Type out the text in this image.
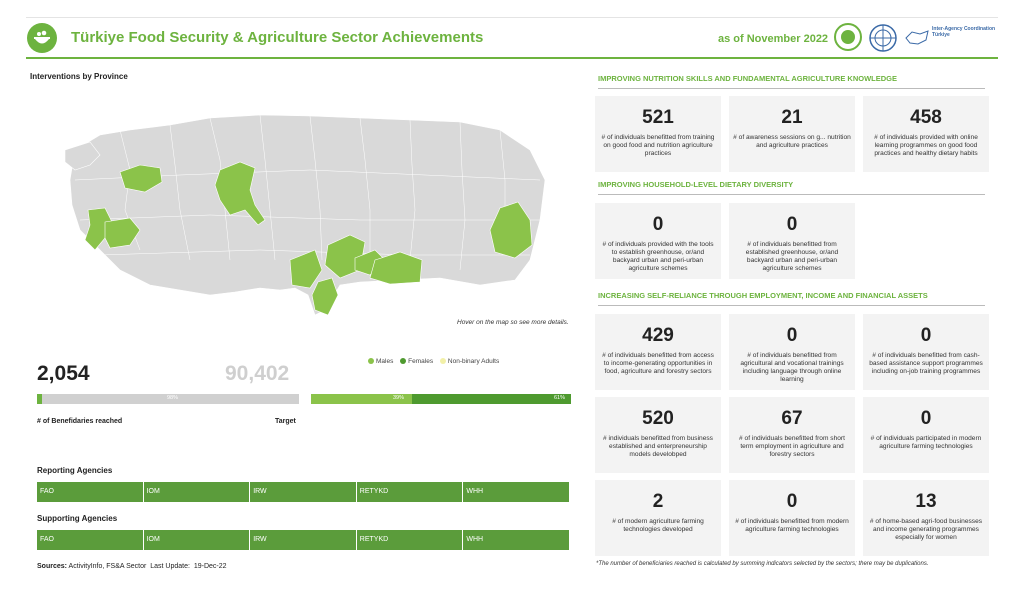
Türkiye Food Security & Agriculture Sector Achievements	as of November 2022
Inter-Agency Coordination Türkiye
Interventions by Province
Hover on the map so see more details.
2,054	90,402
98%
# of Benefidaries reached	Target
Males Females Non-binary Adults
39%	61%
Reporting Agencies
FAO	IOM	IRW	RETYKD	WHH
Supporting Agencies
FAO	IOM	IRW	RETYKD	WHH
Sources: ActivityInfo, FS&A Sector Last Update: 19-Dec-22
IMPROVING NUTRITION SKILLS AND FUNDAMENTAL AGRICULTURE KNOWLEDGE
521
# of individuals benefitted from training on good food and nutrition agriculture practices
21
# of awareness sessions on g... nutrition and agriculture practices
458
# of individuals provided with online learning programmes on good food practices and healthy dietary habits
IMPROVING HOUSEHOLD-LEVEL DIETARY DIVERSITY
0
# of individuals provided with the tools to establish greenhouse, or/and backyard urban and peri-urban agriculture schemes
0
# of individuals benefitted from established greenhouse, or/and backyard urban and peri-urban agriculture schemes
INCREASING SELF-RELIANCE THROUGH EMPLOYMENT, INCOME AND FINANCIAL ASSETS
429
# of individuals benefitted from access to income-generating opportunities in food, agriculture and forestry sectors
0
# of individuals benefitted from agricultural and vocational trainings including language through online learning
0
# of individuals benefitted from cash-based assistance support programmes including on-job training programmes
520
# individuals benefitted from business established and enterpreneurship models develobped
67
# of individuals benefitted from short term employment in agriculture and forestry sectors
0
# of individuals participated in modern agriculture farming technologies
2
# of modern agriculture farming technologies developed
0
# of individuals benefitted from modern agriculture farming technologies
13
# of home-based agri-food businesses and income generating programmes especially for women
*The number of beneficiaries reached is calculated by summing indicators selected by the sectors; there may be duplications.
